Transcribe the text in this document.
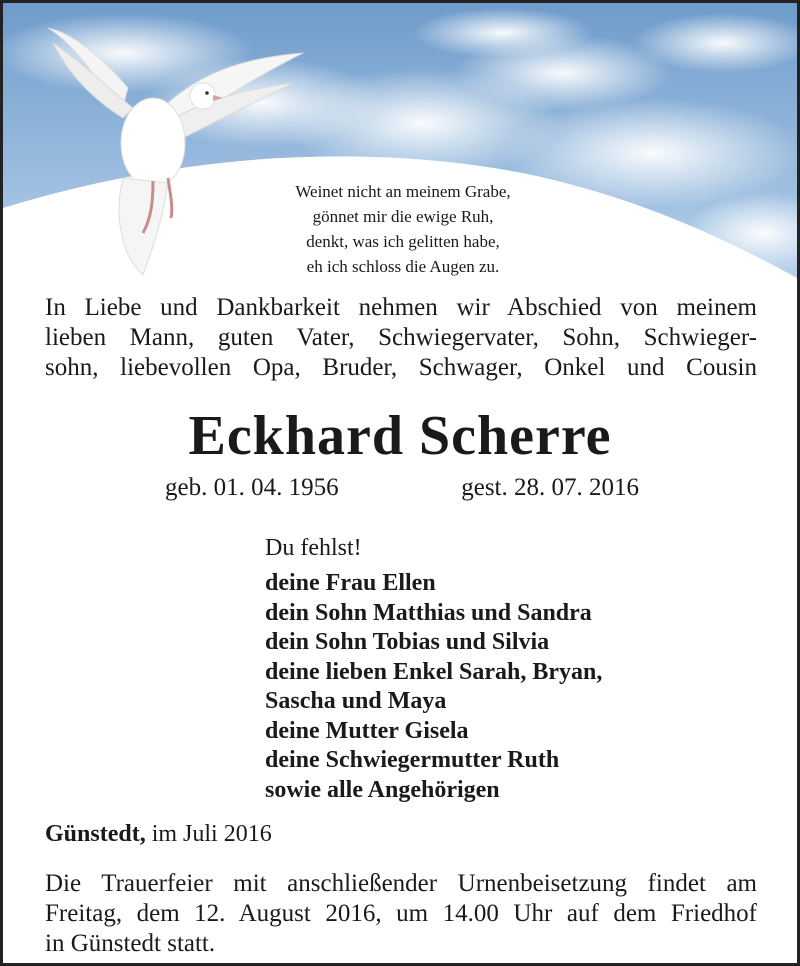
Weinet nicht an meinem Grabe,
gönnet mir die ewige Ruh,
denkt, was ich gelitten habe,
eh ich schloss die Augen zu.
In Liebe und Dankbarkeit nehmen wir Abschied von meinem
lieben Mann, guten Vater, Schwiegervater, Sohn, Schwieger-
sohn, liebevollen Opa, Bruder, Schwager, Onkel und Cousin
Eckhard Scherre
geb. 01. 04. 1956	gest. 28. 07. 2016
Du fehlst!
deine Frau Ellen
dein Sohn Matthias und Sandra
dein Sohn Tobias und Silvia
deine lieben Enkel Sarah, Bryan,
Sascha und Maya
deine Mutter Gisela
deine Schwiegermutter Ruth
sowie alle Angehörigen
Günstedt, im Juli 2016
Die Trauerfeier mit anschließender Urnenbeisetzung findet am
Freitag, dem 12. August 2016, um 14.00 Uhr auf dem Friedhof
in Günstedt statt.
